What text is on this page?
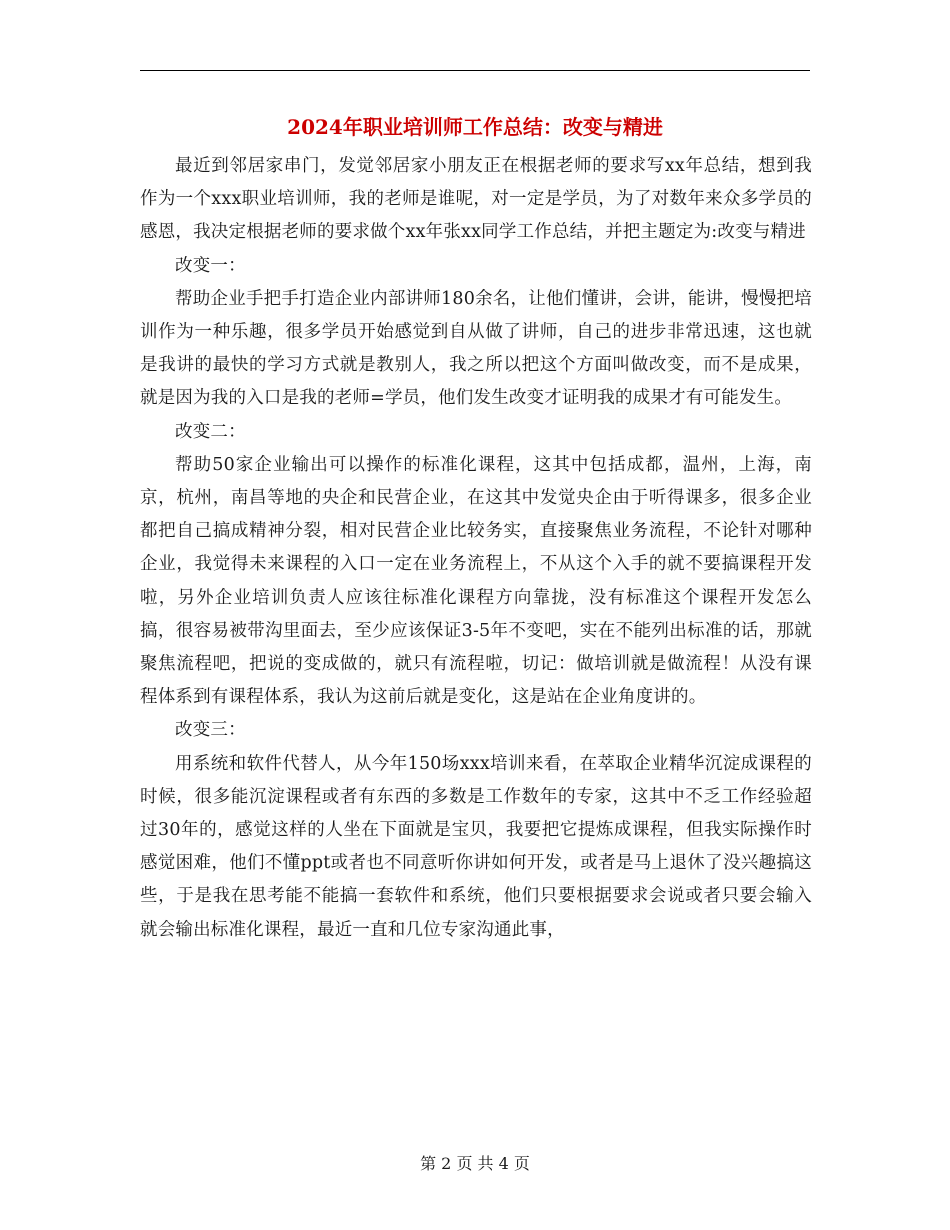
2024年职业培训师工作总结：改变与精进

最近到邻居家串门，发觉邻居家小朋友正在根据老师的要求写xx年总结，想到我作为一个xxx职业培训师，我的老师是谁呢，对一定是学员，为了对数年来众多学员的感恩，我决定根据老师的要求做个xx年张xx同学工作总结，并把主题定为:改变与精进

改变一：

帮助企业手把手打造企业内部讲师180余名，让他们懂讲，会讲，能讲，慢慢把培训作为一种乐趣，很多学员开始感觉到自从做了讲师，自己的进步非常迅速，这也就是我讲的最快的学习方式就是教别人，我之所以把这个方面叫做改变，而不是成果，就是因为我的入口是我的老师=学员，他们发生改变才证明我的成果才有可能发生。

改变二：

帮助50家企业输出可以操作的标准化课程，这其中包括成都，温州，上海，南京，杭州，南昌等地的央企和民营企业，在这其中发觉央企由于听得课多，很多企业都把自己搞成精神分裂，相对民营企业比较务实，直接聚焦业务流程，不论针对哪种企业，我觉得未来课程的入口一定在业务流程上，不从这个入手的就不要搞课程开发啦，另外企业培训负责人应该往标准化课程方向靠拢，没有标准这个课程开发怎么搞，很容易被带沟里面去，至少应该保证3-5年不变吧，实在不能列出标准的话，那就聚焦流程吧，把说的变成做的，就只有流程啦，切记：做培训就是做流程！从没有课程体系到有课程体系，我认为这前后就是变化，这是站在企业角度讲的。

改变三：

用系统和软件代替人，从今年150场xxx培训来看，在萃取企业精华沉淀成课程的时候，很多能沉淀课程或者有东西的多数是工作数年的专家，这其中不乏工作经验超过30年的，感觉这样的人坐在下面就是宝贝，我要把它提炼成课程，但我实际操作时感觉困难，他们不懂ppt或者也不同意听你讲如何开发，或者是马上退休了没兴趣搞这些，于是我在思考能不能搞一套软件和系统，他们只要根据要求会说或者只要会输入就会输出标准化课程，最近一直和几位专家沟通此事，

第 2 页 共 4 页
